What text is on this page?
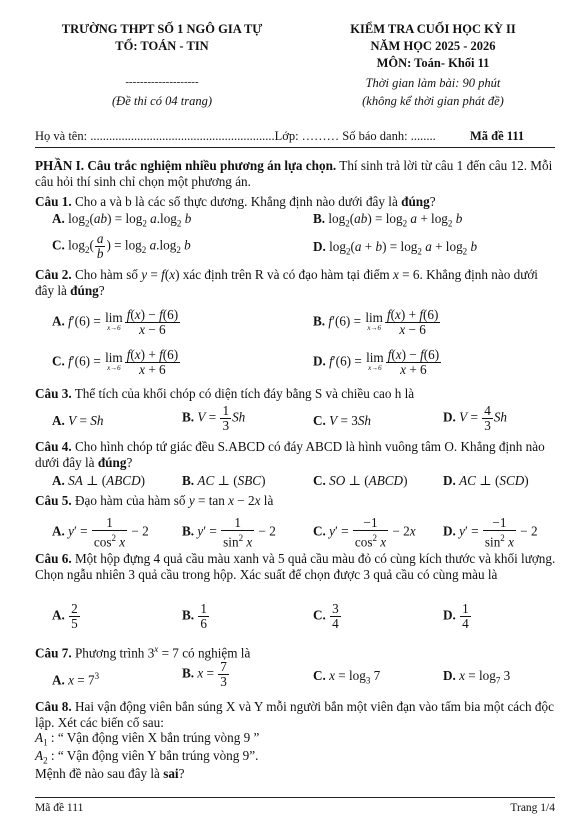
TRƯỜNG THPT SỐ 1 NGÔ GIA TỰ
TỔ: TOÁN - TIN
--------------------
(Đề thi có 04 trang)
KIỂM TRA CUỐI HỌC KỲ II
NĂM HỌC 2025 - 2026
MÔN: Toán- Khối 11
Thời gian làm bài: 90 phút
(không kể thời gian phát đề)
Họ và tên: ...........................................................Lớp: ……… Số báo danh: ........	Mã đề 111
PHẦN I. Câu trắc nghiệm nhiều phương án lựa chọn. Thí sinh trả lời từ câu 1 đến câu 12. Mỗi câu hỏi thí sinh chỉ chọn một phương án.
Câu 1. Cho a và b là các số thực dương. Khẳng định nào dưới đây là đúng?
A. $\log_2(ab) = \log_2 a.\log_2$ b	B. $\log_2(ab) = \log_2 a + \log_2 b$
C. $\log_2( \frac{a}{b}$ ) = $\log_2 a.\log_2$ b	D. $\log_2(a + b) = \log_2 a + \log_2 b$
Câu 2. Cho hàm số y = f(x) xác định trên R và có đạo hàm tại điểm x = 6. Khẳng định nào dưới đây là đúng?
A. f′(6) = lim
$x\to 6 \frac{f(x) - f(6)}{x - 6}$	B. f′(6) = lim
$x\to 6 \frac{f(x) + f(6)}{x - 6}$
C. f′(6) = lim
$x\to 6 \frac{f(x) + f(6)}{x + 6}$	D. f′(6) = lim
$x\to 6 \frac{f(x) - f(6)}{x + 6}$
Câu 3. Thể tích của khối chóp có diện tích đáy bằng S và chiều cao h là
A. V = Sh	B. $V = \frac{1}{3}$ Sh	C. V = 3Sh	D. $V = \frac{4}{3}$ Sh
Câu 4. Cho hình chóp tứ giác đều S.ABCD có đáy ABCD là hình vuông tâm O. Khẳng định nào dưới đây là đúng?
A. SA ⊥ (ABCD)	B. AC ⊥ (SBC)	C. SO ⊥ (ABCD)	D. AC ⊥ (SCD)
Câu 5. Đạo hàm của hàm số y = tan x − 2x là
A. $y' = \frac{1}{\cos^2 x} - 2$	B. $y' = \frac{1}{\sin^2 x} - 2$	C. $y' = \frac{-1}{\cos^2 x} - 2x$ D. $y' = \frac{-1}{\sin^2 x} - 2$
Câu 6. Một hộp đựng 4 quả cầu màu xanh và 5 quả cầu màu đỏ có cùng kích thước và khối lượng. Chọn ngẫu nhiên 3 quả cầu trong hộp. Xác suất để chọn được 3 quả cầu có cùng màu là
A. $\frac{2}{5}$	B. $\frac{1}{6}$	C. $\frac{3}{4}$	D. $\frac{1}{4}$
Câu 7. Phương trình $3^x = 7$ có nghiệm là
A. $x = 7^3$	B. $x = \frac{7}{3}$	C. $x = \log_3 7$	D. $x = \log_7 3$
Câu 8. Hai vận động viên bắn súng X và Y mỗi người bắn một viên đạn vào tấm bia một cách độc lập. Xét các biến cố sau:
$A_1$ : “ Vận động viên X bắn trúng vòng 9 ”
$A_2$ : “ Vận động viên Y bắn trúng vòng 9”.
Mệnh đề nào sau đây là sai?
Mã đề 111	Trang 1/4
